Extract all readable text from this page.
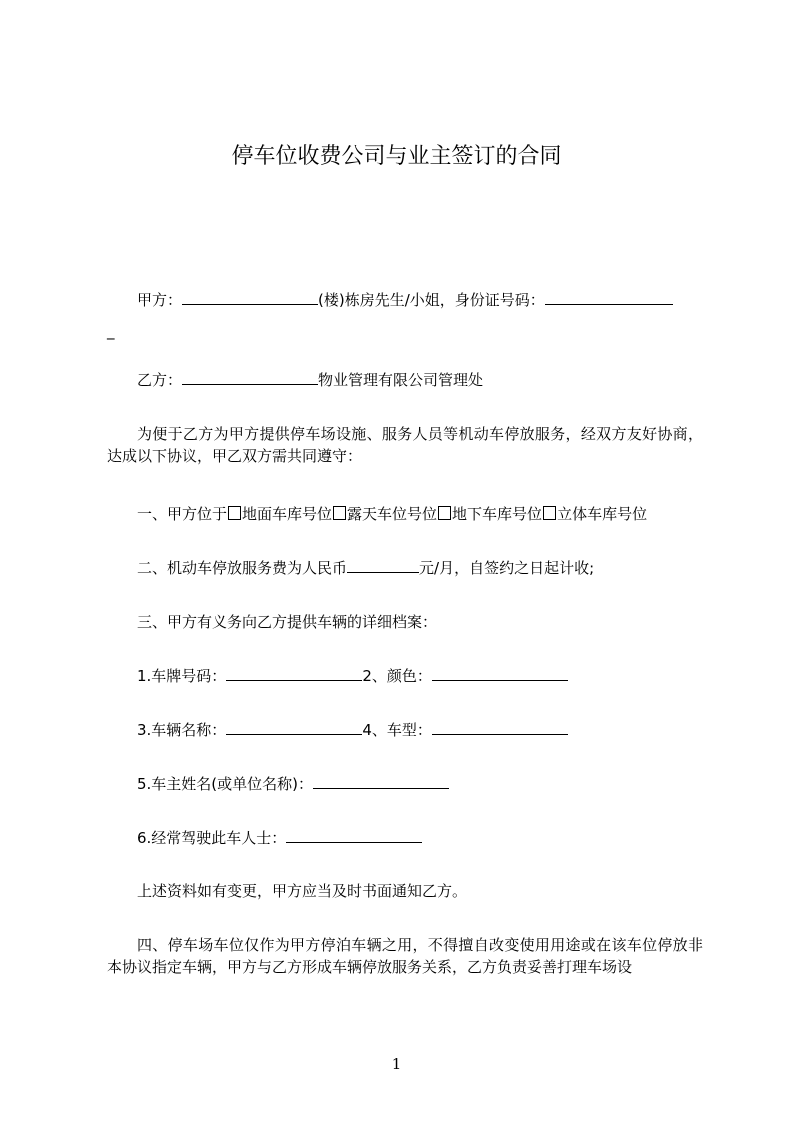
停车位收费公司与业主签订的合同
甲方：	(楼)栋房先生/小姐，身份证号码：
_
乙方：	物业管理有限公司管理处
为便于乙方为甲方提供停车场设施、服务人员等机动车停放服务，经双方友好协商，达成以下协议，甲乙双方需共同遵守：
一、甲方位于 地面车库号位 露天车位号位 地下车库号位 立体车库号位
二、机动车停放服务费为人民币	元/月，自签约之日起计收;
三、甲方有义务向乙方提供车辆的详细档案：
1.车牌号码：	2、颜色：
3.车辆名称：	4、车型：
5.车主姓名(或单位名称)：
6.经常驾驶此车人士：
上述资料如有变更，甲方应当及时书面通知乙方。
四、停车场车位仅作为甲方停泊车辆之用，不得擅自改变使用用途或在该车位停放非本协议指定车辆，甲方与乙方形成车辆停放服务关系，乙方负责妥善打理车场设
1
